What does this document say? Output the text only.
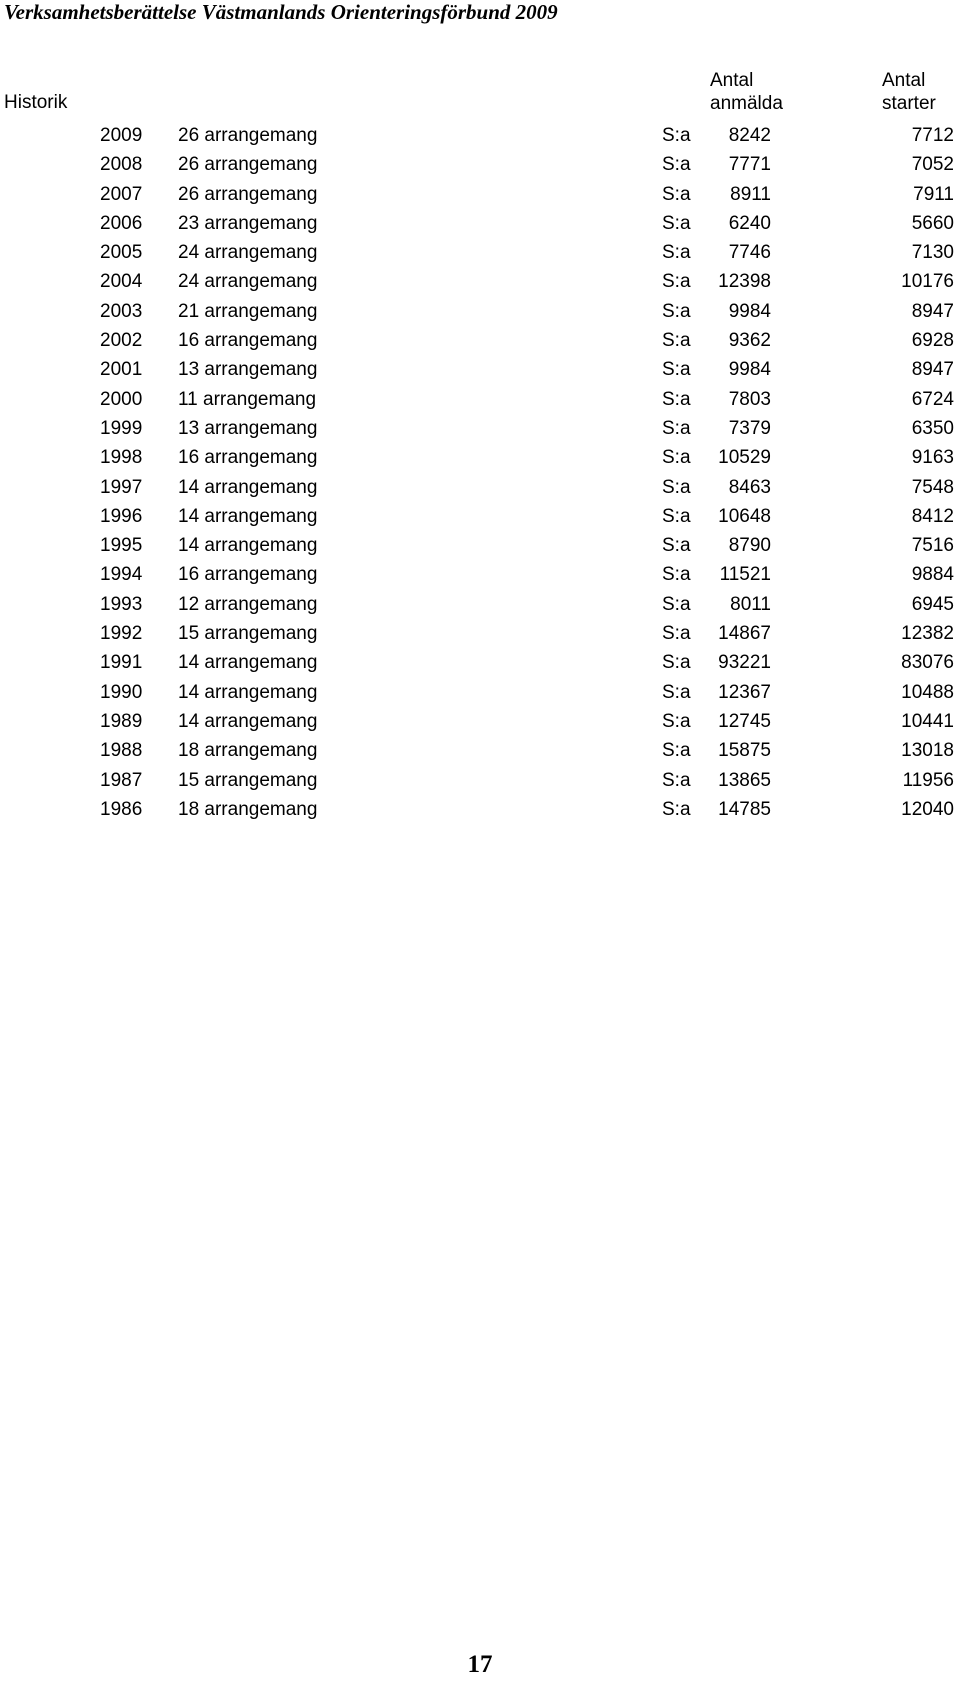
Verksamhetsberättelse Västmanlands Orienteringsförbund 2009
Historik
Antal
anmälda
Antal
starter
2009 26 arrangemang	S:a 8242	7712
2008 26 arrangemang	S:a 7771	7052
2007 26 arrangemang	S:a 8911	7911
2006 23 arrangemang	S:a 6240	5660
2005 24 arrangemang	S:a 7746	7130
2004 24 arrangemang	S:a 12398	10176
2003 21 arrangemang	S:a 9984	8947
2002 16 arrangemang	S:a 9362	6928
2001 13 arrangemang	S:a 9984	8947
2000 11 arrangemang	S:a 7803	6724
1999 13 arrangemang	S:a 7379	6350
1998 16 arrangemang	S:a 10529	9163
1997 14 arrangemang	S:a 8463	7548
1996 14 arrangemang	S:a 10648	8412
1995 14 arrangemang	S:a 8790	7516
1994 16 arrangemang	S:a 11521	9884
1993 12 arrangemang	S:a 8011	6945
1992 15 arrangemang	S:a 14867	12382
1991 14 arrangemang	S:a 93221	83076
1990 14 arrangemang	S:a 12367	10488
1989 14 arrangemang	S:a 12745	10441
1988 18 arrangemang	S:a 15875	13018
1987 15 arrangemang	S:a 13865	11956
1986 18 arrangemang	S:a 14785	12040
17
